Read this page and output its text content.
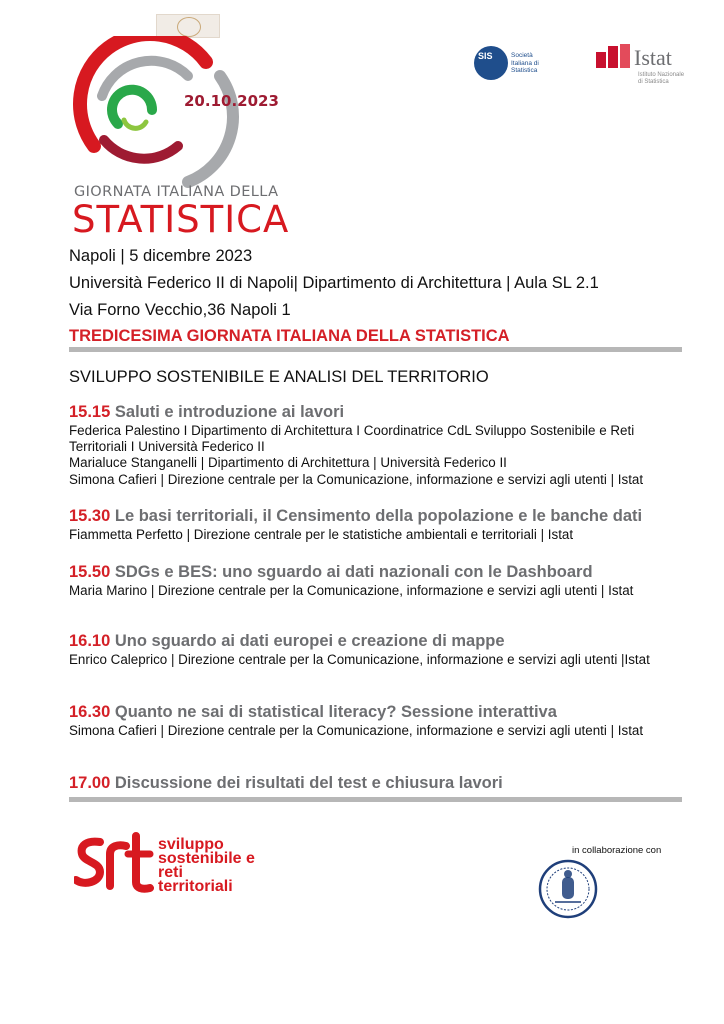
20.10.2023
GIORNATA ITALIANA DELLA
STATISTICA
SIS	Società Italiana di Statistica
Istat
Istituto Nazionale di Statistica
Napoli | 5 dicembre 2023
Università Federico II di Napoli| Dipartimento di Architettura | Aula SL 2.1
Via Forno Vecchio,36 Napoli 1
TREDICESIMA GIORNATA ITALIANA DELLA STATISTICA
SVILUPPO SOSTENIBILE E ANALISI DEL TERRITORIO
15.15 Saluti e introduzione ai lavori
Federica Palestino I Dipartimento di Architettura I Coordinatrice CdL Sviluppo Sostenibile e Reti Territoriali I Università Federico II
Marialuce Stanganelli | Dipartimento di Architettura | Università Federico II
Simona Cafieri | Direzione centrale per la Comunicazione, informazione e servizi agli utenti | Istat
15.30 Le basi territoriali, il Censimento della popolazione e le banche dati
Fiammetta Perfetto | Direzione centrale per le statistiche ambientali e territoriali | Istat
15.50 SDGs e BES: uno sguardo ai dati nazionali con le Dashboard
Maria Marino | Direzione centrale per la Comunicazione, informazione e servizi agli utenti | Istat
16.10 Uno sguardo ai dati europei e creazione di mappe
Enrico Caleprico | Direzione centrale per la Comunicazione, informazione e servizi agli utenti |Istat
16.30 Quanto ne sai di statistical literacy? Sessione interattiva
Simona Cafieri | Direzione centrale per la Comunicazione, informazione e servizi agli utenti | Istat
17.00 Discussione dei risultati del test e chiusura lavori
sviluppo
sostenibile e
reti
territoriali
in collaborazione con
